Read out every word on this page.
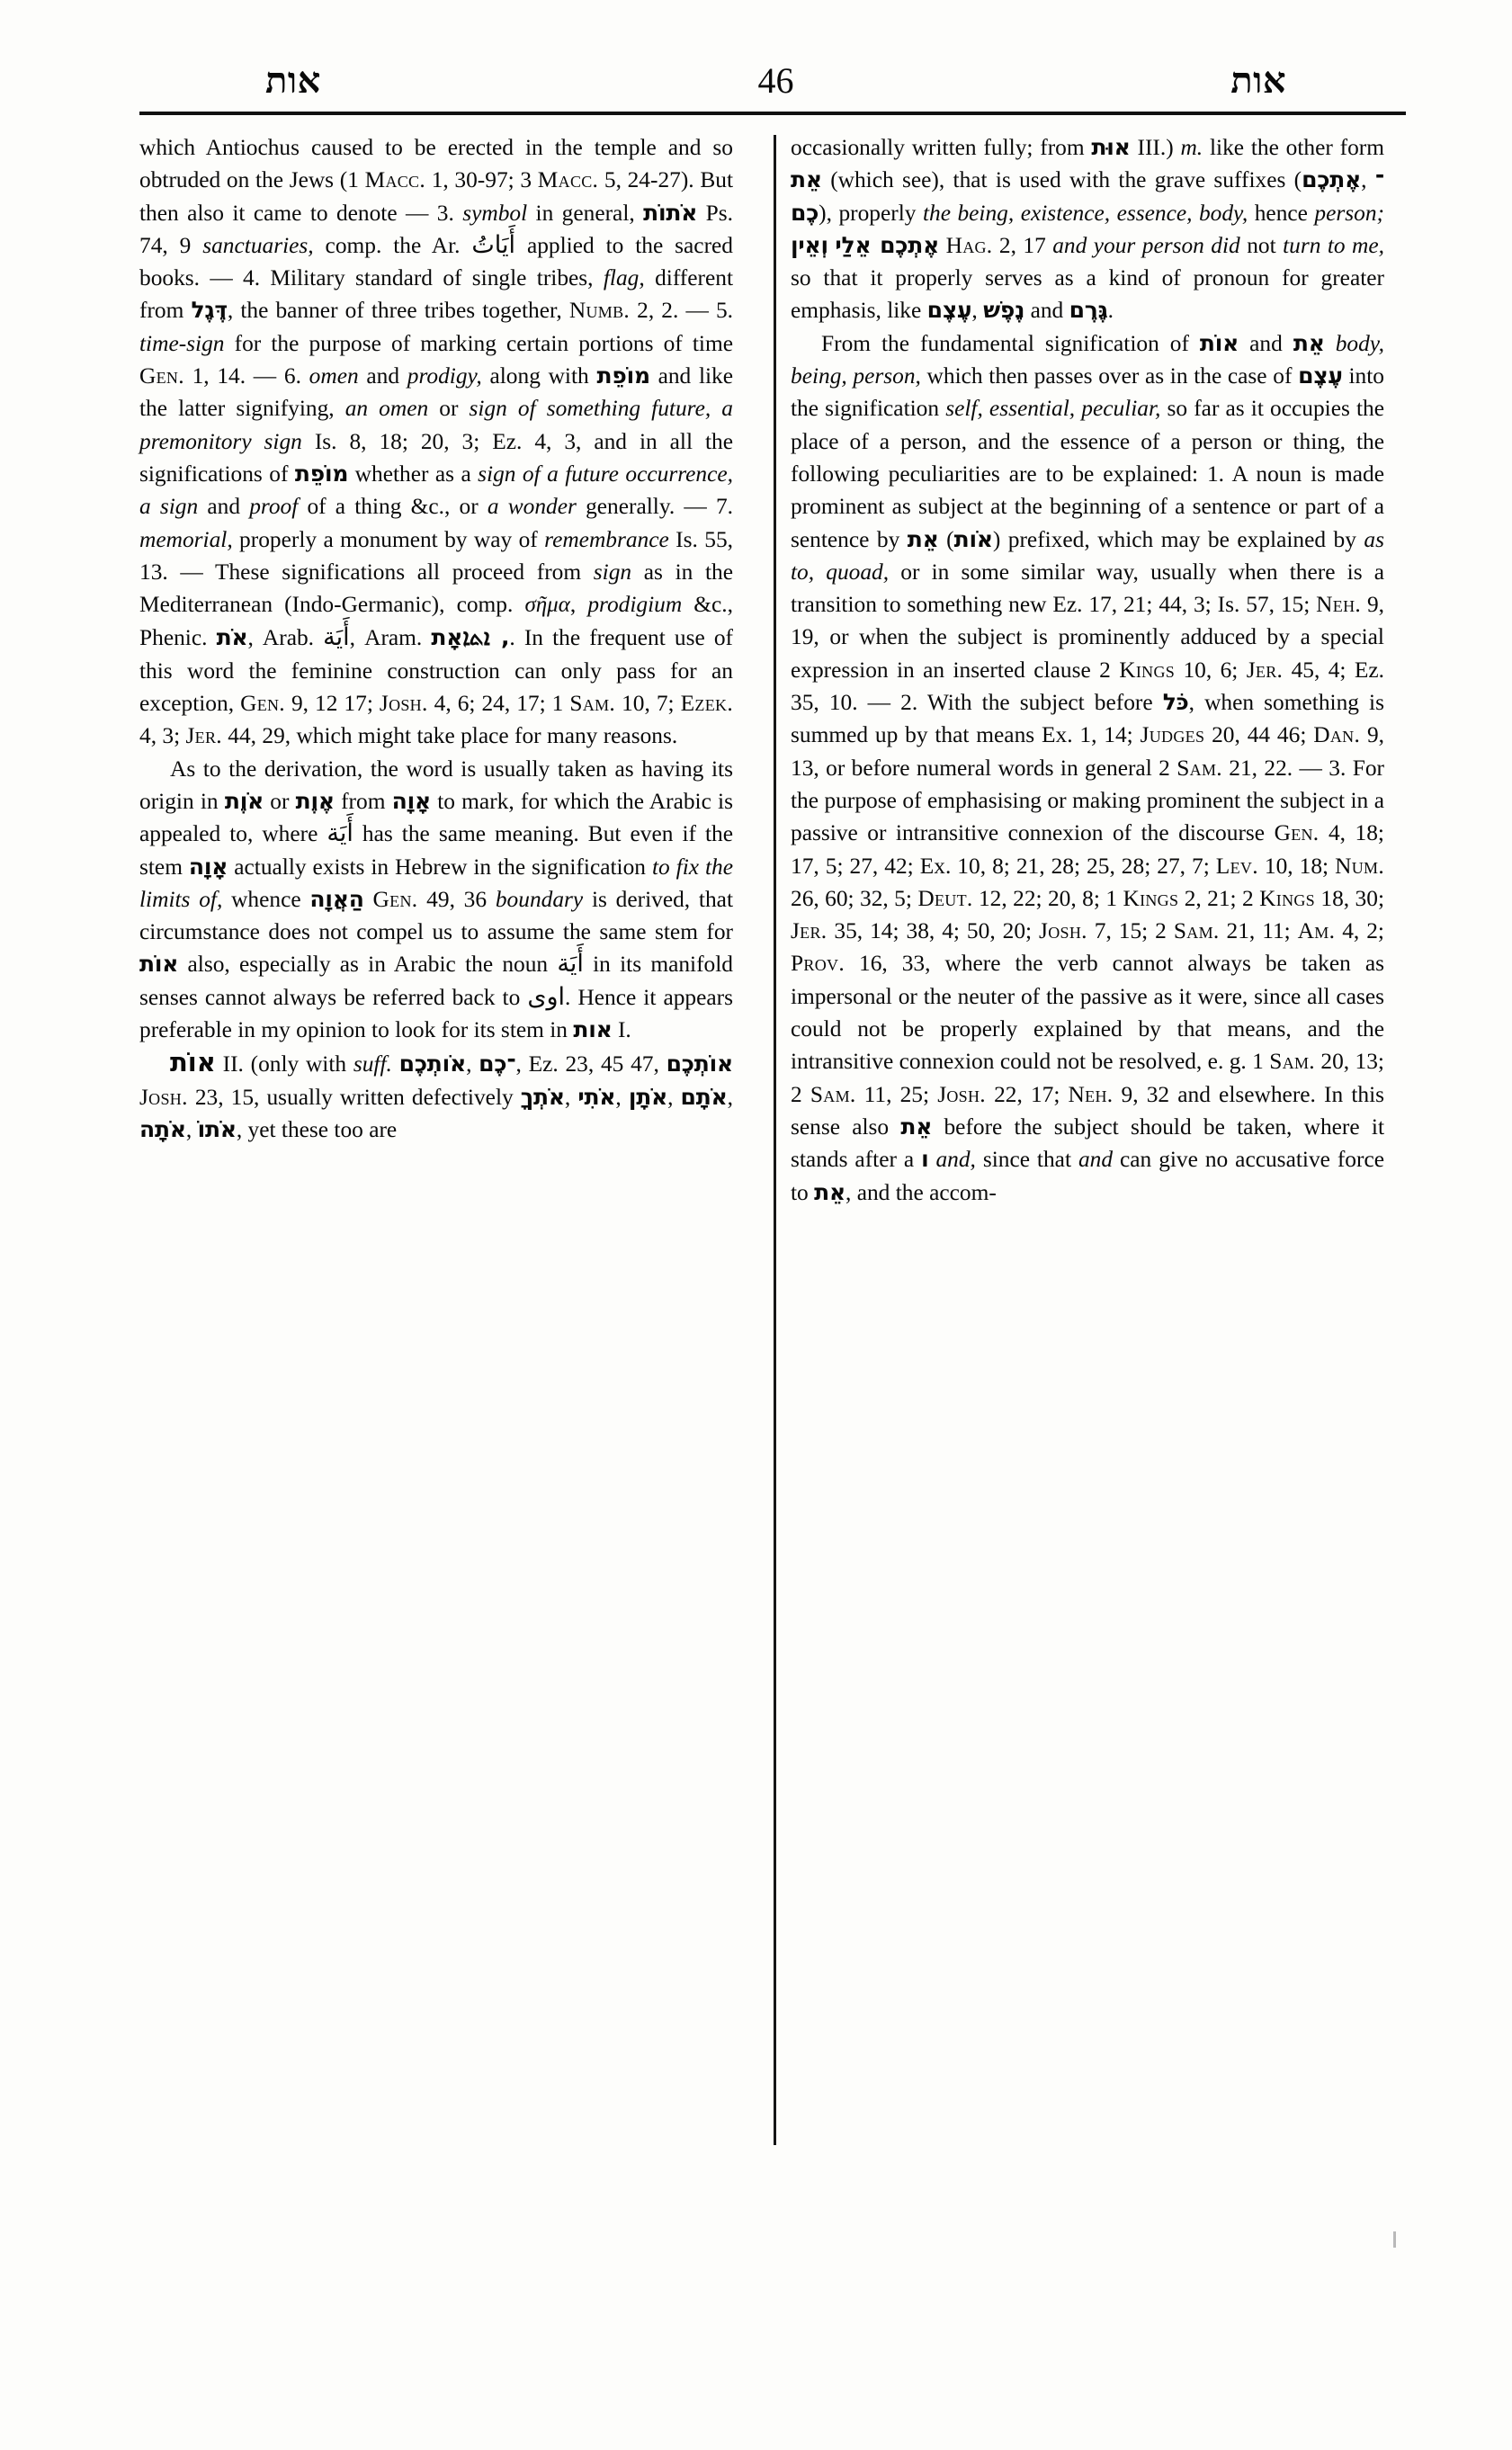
אות	46	אות
which Antiochus caused to be erected in the temple and so obtruded on the Jews (1 Macc. 1, 30-97; 3 Macc. 5, 24-27). But then also it came to denote — 3. symbol in general, אֹתוֹת Ps. 74, 9 sanctuaries, comp. the Ar. أَيَاتُ applied to the sacred books. — 4. Military standard of single tribes, flag, different from דֶּגֶל, the banner of three tribes together, Numb. 2, 2. — 5. time-sign for the purpose of marking certain portions of time Gen. 1, 14. — 6. omen and prodigy, along with מוֹפֵת and like the latter signifying, an omen or sign of something future, a premonitory sign Is. 8, 18; 20, 3; Ez. 4, 3, and in all the significations of מוֹפֵת whether as a sign of a future occurrence, a sign and proof of a thing &c., or a wonder generally. — 7. memorial, properly a monument by way of remembrance Is. 55, 13. — These significations all proceed from sign as in the Mediterranean (Indo-Germanic), comp. σῆμα, prodigium &c., Phenic. אֹת, Arab. أَيَة, Aram. אָת, ܐܬܐ. In the frequent use of this word the feminine construction can only pass for an exception, Gen. 9, 12 17; Josh. 4, 6; 24, 17; 1 Sam. 10, 7; Ezek. 4, 3; Jer. 44, 29, which might take place for many reasons.
As to the derivation, the word is usually taken as having its origin in אֹוֶת or אֶוֶת from אָוָה to mark, for which the Arabic is appealed to, where أَيَة has the same meaning. But even if the stem אָוָה actually exists in Hebrew in the signification to fix the limits of, whence הַאֲוָה Gen. 49, 36 boundary is derived, that circumstance does not compel us to assume the same stem for אוֹת also, especially as in Arabic the noun أَيَة in its manifold senses cannot always be referred back to اوى. Hence it appears preferable in my opinion to look for its stem in אות I.
אוֹת II. (only with suff. אֹותְכֶם, ־כֶם, Ez. 23, 45 47, אוֹתְכֶם Josh. 23, 15, usually written defectively אֹתְךָ, אֹתִי, אֹתָן, אֹתָם, אֹתָה, אֹתוֹ, yet these too are
occasionally written fully; from אוּת III.) m. like the other form אֵת (which see), that is used with the grave suffixes (אֶתְכֶם, ־כֶם), properly the being, existence, essence, body, hence person; וְאֵין אֶתְכֶם אֵלַי Hag. 2, 17 and your person did not turn to me, so that it properly serves as a kind of pronoun for greater emphasis, like עֶצֶם, נֶפֶשׁ and גֶּרֶם.
From the fundamental signification of אוֹת and אֵת body, being, person, which then passes over as in the case of עֶצֶם into the signification self, essential, peculiar, so far as it occupies the place of a person, and the essence of a person or thing, the following peculiarities are to be explained: 1. A noun is made prominent as subject at the beginning of a sentence or part of a sentence by אֵת (אֹות) prefixed, which may be explained by as to, quoad, or in some similar way, usually when there is a transition to something new Ez. 17, 21; 44, 3; Is. 57, 15; Neh. 9, 19, or when the subject is prominently adduced by a special expression in an inserted clause 2 Kings 10, 6; Jer. 45, 4; Ez. 35, 10. — 2. With the subject before כֹּל, when something is summed up by that means Ex. 1, 14; Judges 20, 44 46; Dan. 9, 13, or before numeral words in general 2 Sam. 21, 22. — 3. For the purpose of emphasising or making prominent the subject in a passive or intransitive connexion of the discourse Gen. 4, 18; 17, 5; 27, 42; Ex. 10, 8; 21, 28; 25, 28; 27, 7; Lev. 10, 18; Num. 26, 60; 32, 5; Deut. 12, 22; 20, 8; 1 Kings 2, 21; 2 Kings 18, 30; Jer. 35, 14; 38, 4; 50, 20; Josh. 7, 15; 2 Sam. 21, 11; Am. 4, 2; Prov. 16, 33, where the verb cannot always be taken as impersonal or the neuter of the passive as it were, since all cases could not be properly explained by that means, and the intransitive connexion could not be resolved, e. g. 1 Sam. 20, 13; 2 Sam. 11, 25; Josh. 22, 17; Neh. 9, 32 and elsewhere. In this sense also אֵת before the subject should be taken, where it stands after a ו and, since that and can give no accusative force to אֵת, and the accom-
